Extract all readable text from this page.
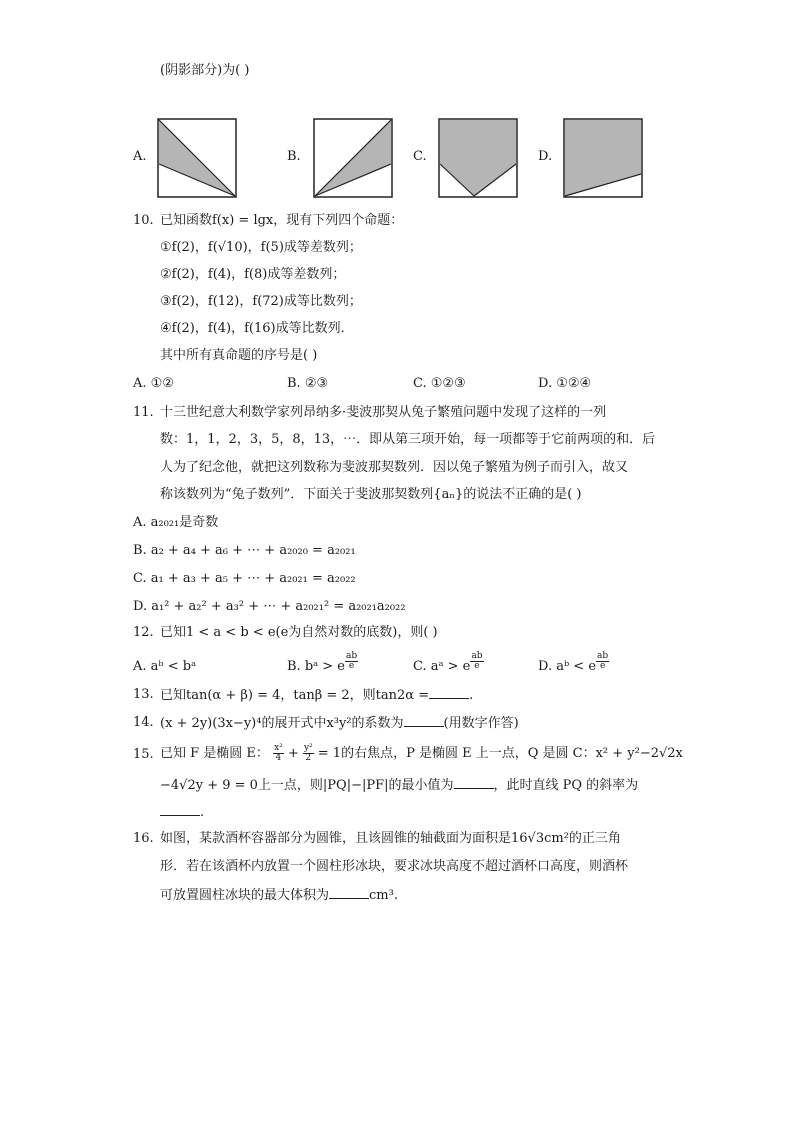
(阴影部分)为( )
A.	B.	C.	D.
10. 已知函数f(x) = lgx，现有下列四个命题：
①f(2)，f(√10)，f(5)成等差数列；
②f(2)，f(4)，f(8)成等差数列；
③f(2)，f(12)，f(72)成等比数列；
④f(2)，f(4)，f(16)成等比数列．
其中所有真命题的序号是( )
A. ①②	B. ②③	C. ①②③	D. ①②④
11. 十三世纪意大利数学家列昂纳多·斐波那契从兔子繁殖问题中发现了这样的一列
数：1，1，2，3，5，8，13，⋯．即从第三项开始，每一项都等于它前两项的和．后
人为了纪念他，就把这列数称为斐波那契数列．因以兔子繁殖为例子而引入，故又
称该数列为“兔子数列”．下面关于斐波那契数列{aₙ}的说法不正确的是( )
A. a₂₀₂₁是奇数
B. a₂ + a₄ + a₆ + ⋯ + a₂₀₂₀ = a₂₀₂₁
C. a₁ + a₃ + a₅ + ⋯ + a₂₀₂₁ = a₂₀₂₂
D. a₁² + a₂² + a₃² + ⋯ + a₂₀₂₁² = a₂₀₂₁a₂₀₂₂
12. 已知1 < a < b < e(e为自然对数的底数)，则( )
A. aᵇ < bᵃ	B. bᵃ > e $\frac{ab}{e}$	C. aᵃ > e $\frac{ab}{e}$	D. aᵇ < e $\frac{ab}{e}$
13. 已知tan(α + β) = 4，tanβ = 2，则tan2α =	.
14. (x + 2y)(3x−y)⁴的展开式中x³y²的系数为	(用数字作答)
15. 已知 F 是椭圆 E： $\frac{\text{x²}}{4} + \frac{\text{y²}}{2} = 1$的右焦点，P 是椭圆 E 上一点，Q 是圆 C：x² + y²−2√2x
−4√2y + 9 = 0上一点，则|PQ|−|PF|的最小值为	，此时直线 PQ 的斜率为
.
16. 如图，某款酒杯容器部分为圆锥，且该圆锥的轴截面为面积是16√3cm²的正三角
形．若在该酒杯内放置一个圆柱形冰块，要求冰块高度不超过酒杯口高度，则酒杯
可放置圆柱冰块的最大体积为	cm³.
